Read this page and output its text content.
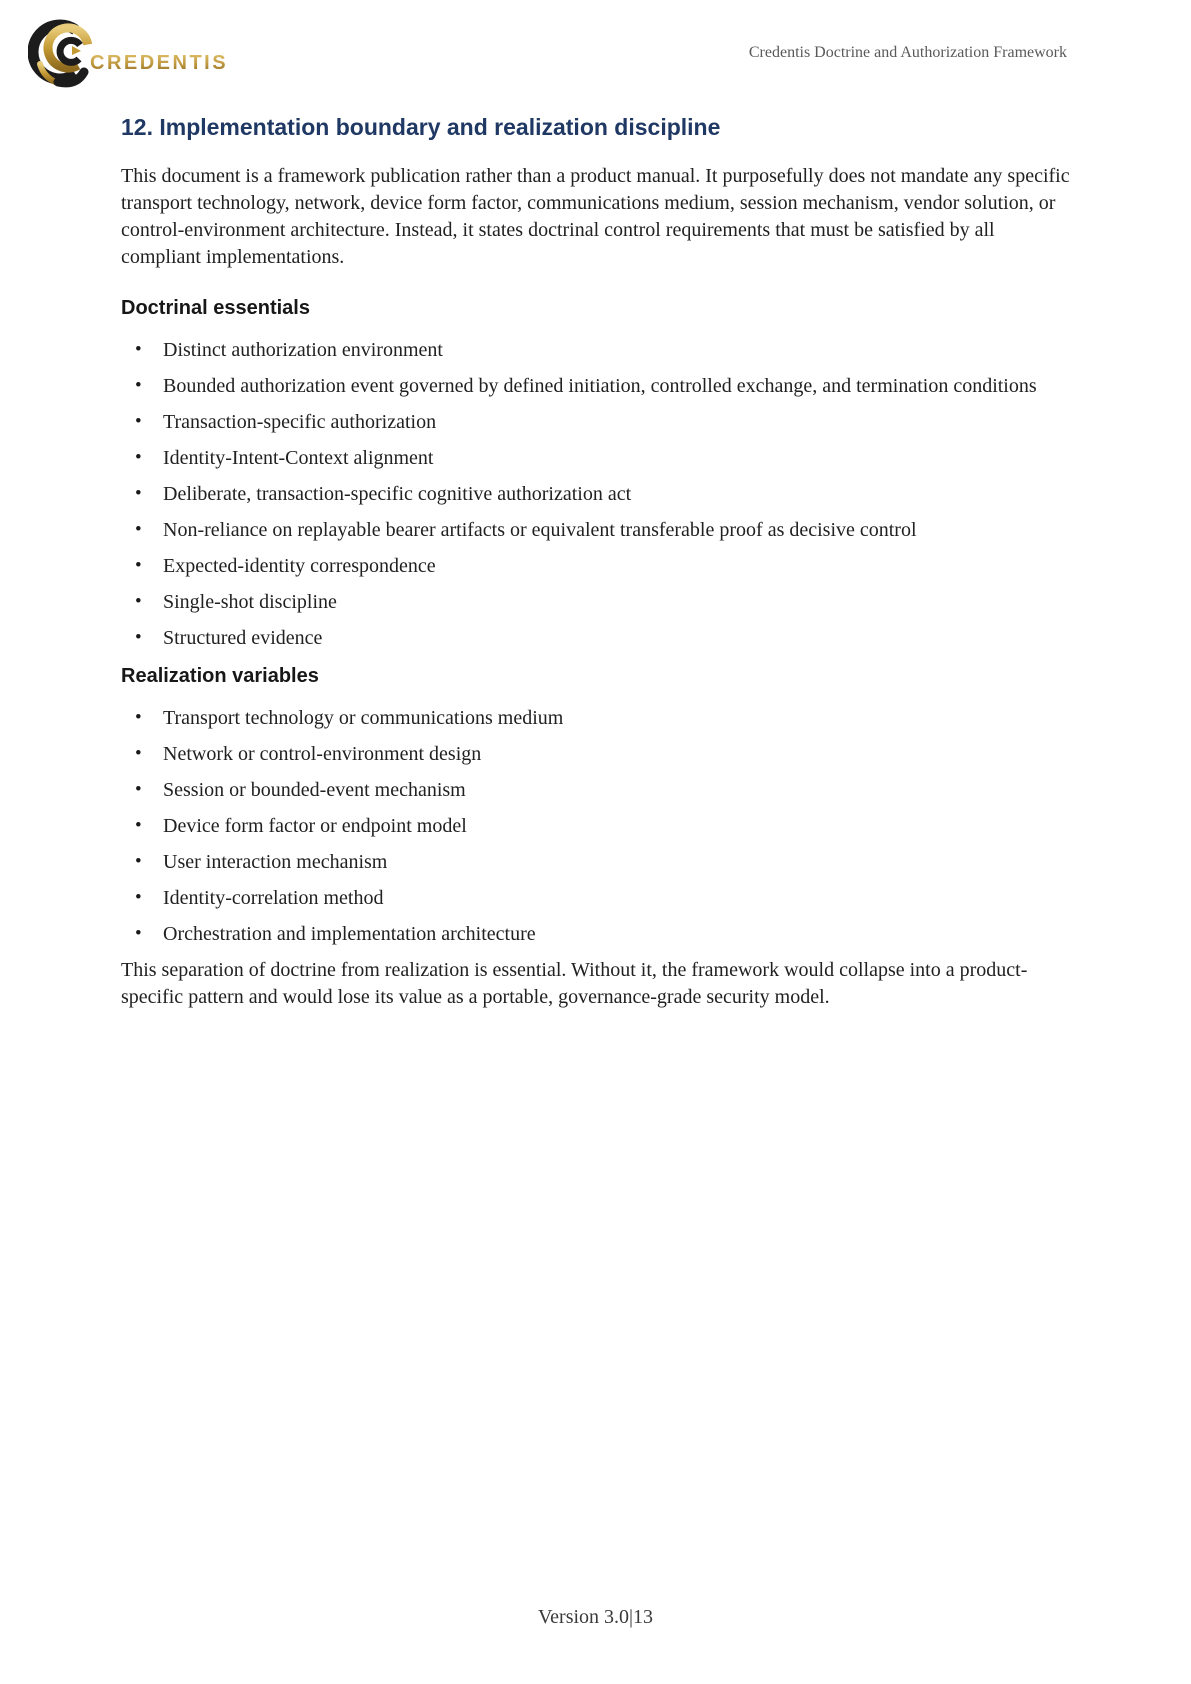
CREDENTIS	Credentis Doctrine and Authorization Framework
12. Implementation boundary and realization discipline

This document is a framework publication rather than a product manual. It purposefully does not mandate any specific transport technology, network, device form factor, communications medium, session mechanism, vendor solution, or control-environment architecture. Instead, it states doctrinal control requirements that must be satisfied by all compliant implementations.

Doctrinal essentials
• Distinct authorization environment
• Bounded authorization event governed by defined initiation, controlled exchange, and termination conditions
• Transaction-specific authorization
• Identity-Intent-Context alignment
• Deliberate, transaction-specific cognitive authorization act
• Non-reliance on replayable bearer artifacts or equivalent transferable proof as decisive control
• Expected-identity correspondence
• Single-shot discipline
• Structured evidence
Realization variables
• Transport technology or communications medium
• Network or control-environment design
• Session or bounded-event mechanism
• Device form factor or endpoint model
• User interaction mechanism
• Identity-correlation method
• Orchestration and implementation architecture

This separation of doctrine from realization is essential. Without it, the framework would collapse into a product-specific pattern and would lose its value as a portable, governance-grade security model.

Version 3.0|13
